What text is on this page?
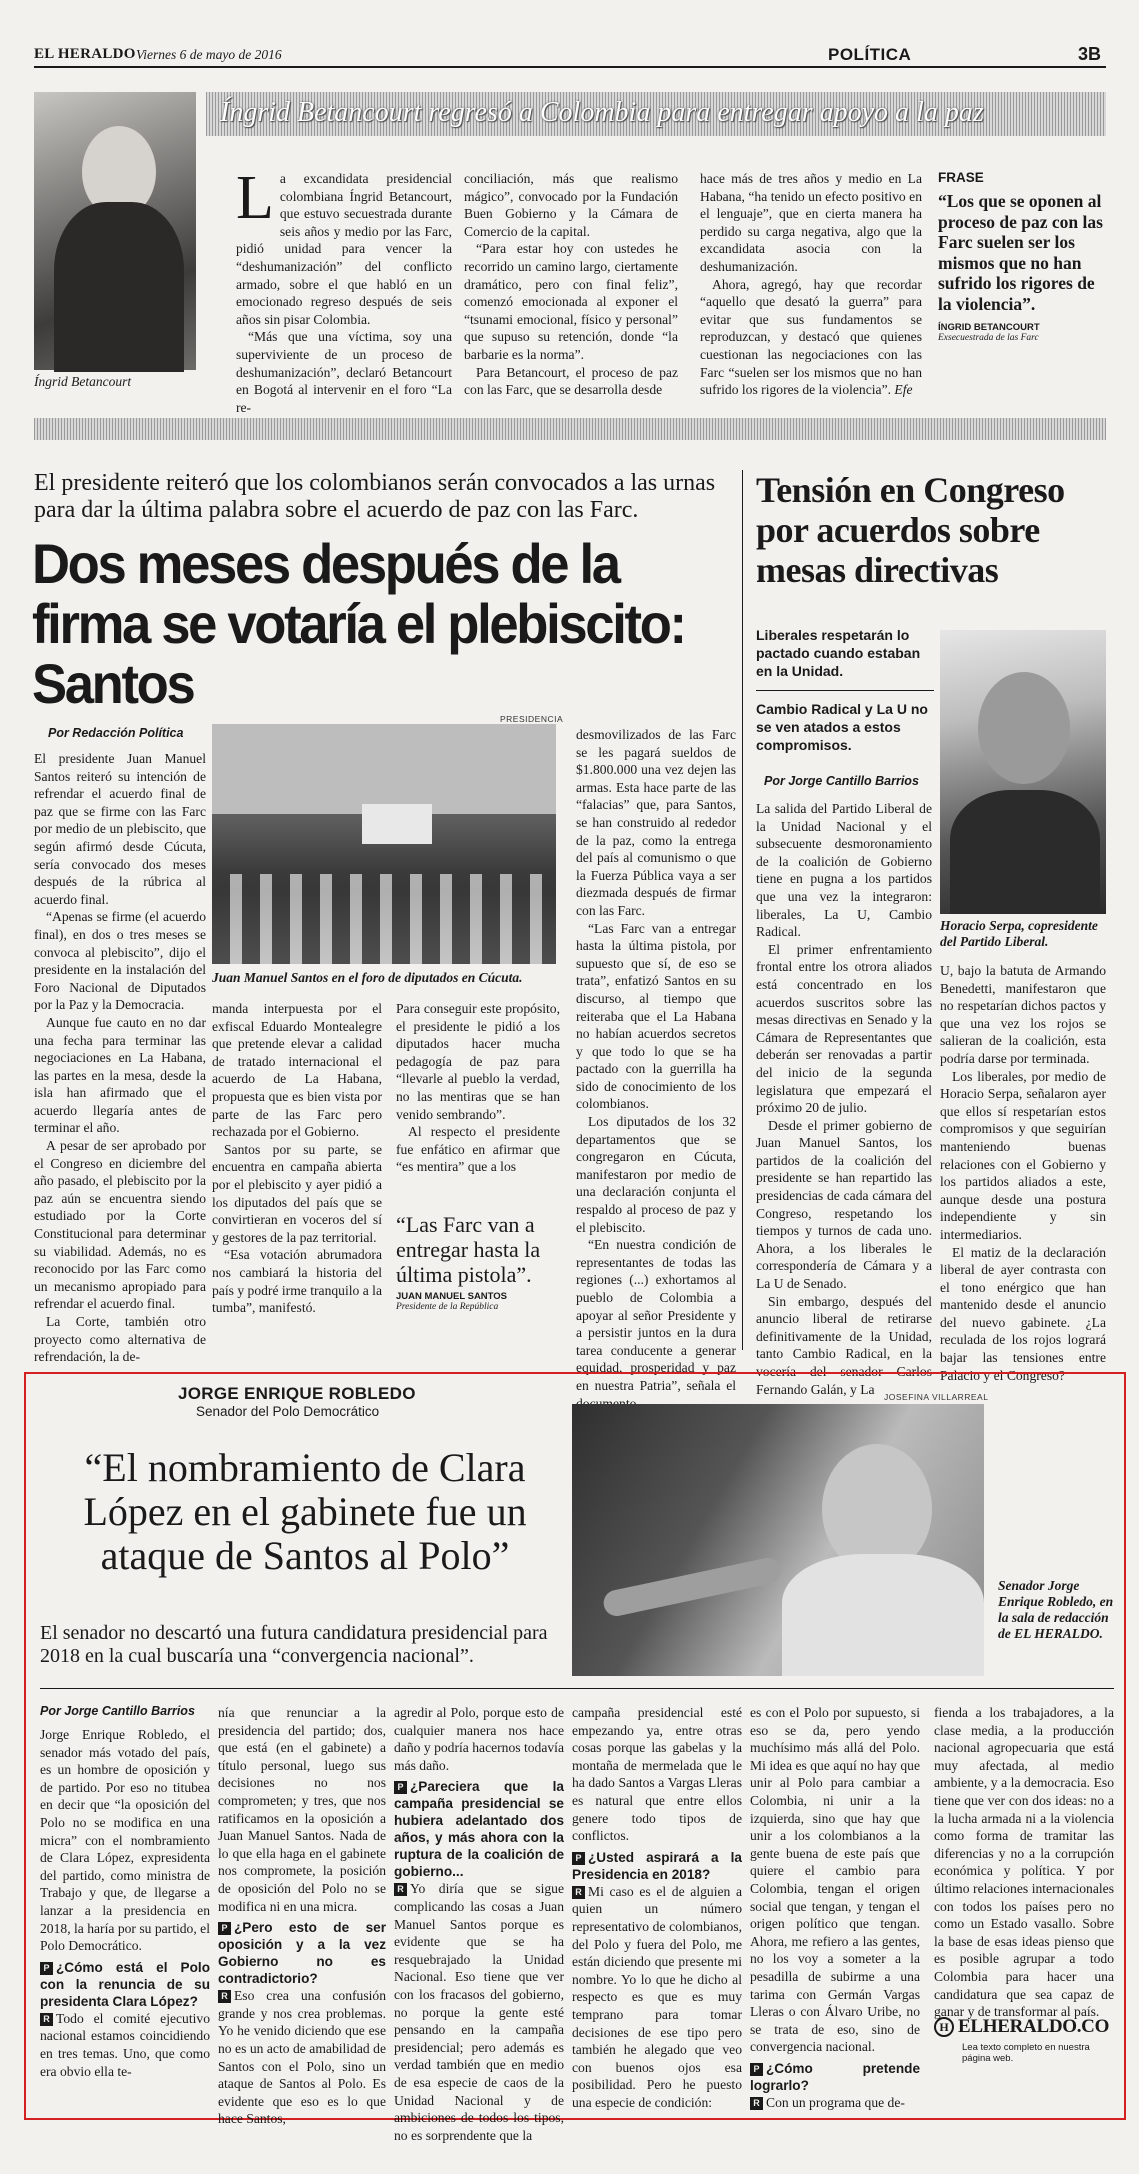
EL HERALDO Viernes 6 de mayo de 2016	POLÍTICA	3B
Íngrid Betancourt
Íngrid Betancourt regresó a Colombia para entregar apoyo a la paz
L a excandidata presidencial colombiana Íngrid Betancourt, que estuvo secuestrada durante seis años y medio por las Farc, pidió unidad para vencer la “deshumanización” del conflicto armado, sobre el que habló en un emocionado regreso después de seis años sin pisar Colombia.

“Más que una víctima, soy una superviviente de un proceso de deshumanización”, declaró Betancourt en Bogotá al intervenir en el foro “La re-

conciliación, más que realismo mágico”, convocado por la Fundación Buen Gobierno y la Cámara de Comercio de la capital.

“Para estar hoy con ustedes he recorrido un camino largo, ciertamente dramático, pero con final feliz”, comenzó emocionada al exponer el “tsunami emocional, físico y personal” que supuso su retención, donde “la barbarie es la norma”.

Para Betancourt, el proceso de paz con las Farc, que se desarrolla desde

hace más de tres años y medio en La Habana, “ha tenido un efecto positivo en el lenguaje”, que en cierta manera ha perdido su carga negativa, algo que la excandidata asocia con la deshumanización.

Ahora, agregó, hay que recordar “aquello que desató la guerra” para evitar que sus fundamentos se reproduzcan, y destacó que quienes cuestionan las negociaciones con las Farc “suelen ser los mismos que no han sufrido los rigores de la violencia”. Efe

FRASE
“Los que se oponen al proceso de paz con las Farc suelen ser los mismos que no han sufrido los rigores de la violencia”.
ÍNGRID BETANCOURT
Exsecuestrada de las Farc
El presidente reiteró que los colombianos serán convocados a las urnas para dar la última palabra sobre el acuerdo de paz con las Farc.
Dos meses después de la firma se votaría el plebiscito: Santos
Por Redacción Política

El presidente Juan Manuel Santos reiteró su intención de refrendar el acuerdo final de paz que se firme con las Farc por medio de un plebiscito, que según afirmó desde Cúcuta, sería convocado dos meses después de la rúbrica al acuerdo final.

“Apenas se firme (el acuerdo final), en dos o tres meses se convoca al plebiscito”, dijo el presidente en la instalación del Foro Nacional de Diputados por la Paz y la Democracia.

Aunque fue cauto en no dar una fecha para terminar las negociaciones en La Habana, las partes en la mesa, desde la isla han afirmado que el acuerdo llegaría antes de terminar el año.

A pesar de ser aprobado por el Congreso en diciembre del año pasado, el plebiscito por la paz aún se encuentra siendo estudiado por la Corte Constitucional para determinar su viabilidad. Además, no es reconocido por las Farc como un mecanismo apropiado para refrendar el acuerdo final.

La Corte, también otro proyecto como alternativa de refrendación, la de-

PRESIDENCIA
Juan Manuel Santos en el foro de diputados en Cúcuta.

manda interpuesta por el exfiscal Eduardo Montealegre que pretende elevar a calidad de tratado internacional el acuerdo de La Habana, propuesta que es bien vista por parte de las Farc pero rechazada por el Gobierno.

Santos por su parte, se encuentra en campaña abierta por el plebiscito y ayer pidió a los diputados del país que se convirtieran en voceros del sí y gestores de la paz territorial.

“Esa votación abrumadora nos cambiará la historia del país y podré irme tranquilo a la tumba”, manifestó.

Para conseguir este propósito, el presidente le pidió a los diputados hacer mucha pedagogía de paz para “llevarle al pueblo la verdad, no las mentiras que se han venido sembrando”.

Al respecto el presidente fue enfático en afirmar que “es mentira” que a los

“Las Farc van a entregar hasta la última pistola”.
JUAN MANUEL SANTOS
Presidente de la República

desmovilizados de las Farc se les pagará sueldos de $1.800.000 una vez dejen las armas. Esta hace parte de las “falacias” que, para Santos, se han construido al rededor de la paz, como la entrega del país al comunismo o que la Fuerza Pública vaya a ser diezmada después de firmar con las Farc.

“Las Farc van a entregar hasta la última pistola, por supuesto que sí, de eso se trata”, enfatizó Santos en su discurso, al tiempo que reiteraba que el La Habana no habían acuerdos secretos y que todo lo que se ha pactado con la guerrilla ha sido de conocimiento de los colombianos.

Los diputados de los 32 departamentos que se congregaron en Cúcuta, manifestaron por medio de una declaración conjunta el respaldo al proceso de paz y el plebiscito.

“En nuestra condición de representantes de todas las regiones (...) exhortamos al pueblo de Colombia a apoyar al señor Presidente y a persistir juntos en la dura tarea conducente a generar equidad, prosperidad y paz en nuestra Patria”, señala el

Tensión en Congreso por acuerdos sobre mesas directivas
Liberales respetarán lo pactado cuando estaban en la Unidad.
Cambio Radical y La U no se ven atados a estos compromisos.
Horacio Serpa, copresidente del Partido Liberal.
Por Jorge Cantillo Barrios

La salida del Partido Liberal de la Unidad Nacional y el subsecuente desmoronamiento de la coalición de Gobierno tiene en pugna a los partidos que una vez la integraron: liberales, La U, Cambio Radical.

El primer enfrentamiento frontal entre los otrora aliados está concentrado en los acuerdos suscritos sobre las mesas directivas en Senado y la Cámara de Representantes que deberán ser renovadas a partir del inicio de la segunda legislatura que empezará el próximo 20 de julio.

Desde el primer gobierno de Juan Manuel Santos, los partidos de la coalición del presidente se han repartido las presidencias de cada cámara del Congreso, respetando los tiempos y turnos de cada uno. Ahora, a los liberales le correspondería de Cámara y a La U de Senado.

Sin embargo, después del anuncio liberal de retirarse definitivamente de la Unidad, tanto Cambio Radical, en la vocería del senador Carlos Fernando Galán, y La

U, bajo la batuta de Armando Benedetti, manifestaron que no respetarían dichos pactos y que una vez los rojos se salieran de la coalición, esta podría darse por terminada.

Los liberales, por medio de Horacio Serpa, señalaron ayer que ellos sí respetarían estos compromisos y que seguirían manteniendo buenas relaciones con el Gobierno y los partidos aliados a este, aunque desde una postura independiente y sin intermediarios.

El matiz de la declaración liberal de ayer contrasta con el tono enérgico que han mantenido desde el anuncio del nuevo gabinete. ¿La reculada de los rojos logrará bajar las tensiones entre Palacio y el Congreso?

JORGE ENRIQUE ROBLEDO
Senador del Polo Democrático
“El nombramiento de Clara López en el gabinete fue un ataque de Santos al Polo”
JOSEFINA VILLARREAL
Senador Jorge Enrique Robledo, en la sala de redacción de EL HERALDO.
El senador no descartó una futura candidatura presidencial para 2018 en la cual buscaría una “convergencia nacional”.
Por Jorge Cantillo Barrios

Jorge Enrique Robledo, el senador más votado del país, es un hombre de oposición y de partido. Por eso no titubea en decir que “la oposición del Polo no se modifica en una micra” con el nombramiento de Clara López, expresidenta del partido, como ministra de Trabajo y que, de llegarse a lanzar a la presidencia en 2018, la haría por su partido, el Polo Democrático.

P ¿Cómo está el Polo con la renuncia de su presidenta Clara López?

R Todo el comité ejecutivo nacional estamos coincidiendo en tres temas. Uno, que como era obvio ella te-

nía que renunciar a la presidencia del partido; dos, que está (en el gabinete) a título personal, luego sus decisiones no nos comprometen; y tres, que nos ratificamos en la oposición a Juan Manuel Santos. Nada de lo que ella haga en el gabinete nos compromete, la posición de oposición del Polo no se modifica ni en una micra.

P ¿Pero esto de ser oposición y a la vez Gobierno no es contradictorio?

R Eso crea una confusión grande y nos crea problemas. Yo he venido diciendo que ese no es un acto de amabilidad de Santos con el Polo, sino un ataque de Santos al Polo. Es evidente que eso es lo que hace Santos,

agredir al Polo, porque esto de cualquier manera nos hace daño y podría hacernos todavía más daño.

P ¿Pareciera que la campaña presidencial se hubiera adelantado dos años, y más ahora con la ruptura de la coalición de gobierno...

R Yo diría que se sigue complicando las cosas a Juan Manuel Santos porque es evidente que se ha resquebrajado la Unidad Nacional. Eso tiene que ver con los fracasos del gobierno, no porque la gente esté pensando en la campaña presidencial; pero además es verdad también que en medio de esa especie de caos de la Unidad Nacional y de ambiciones de todos los tipos, no es sorprendente que la

campaña presidencial esté empezando ya, entre otras cosas porque las gabelas y la montaña de mermelada que le ha dado Santos a Vargas Lleras es natural que entre ellos genere todo tipos de conflictos.

P ¿Usted aspirará a la Presidencia en 2018?

R Mi caso es el de alguien a quien un número representativo de colombianos, del Polo y fuera del Polo, me están diciendo que presente mi nombre. Yo lo que he dicho al respecto es que es muy temprano para tomar decisiones de ese tipo pero también he alegado que veo con buenos ojos esa posibilidad. Pero he puesto una especie de condición:

es con el Polo por supuesto, si eso se da, pero yendo muchísimo más allá del Polo. Mi idea es que aquí no hay que unir al Polo para cambiar a Colombia, ni unir a la izquierda, sino que hay que unir a los colombianos a la gente buena de este país que quiere el cambio para Colombia, tengan el origen social que tengan, y tengan el origen político que tengan. Ahora, me refiero a las gentes, no los voy a someter a la pesadilla de subirme a una tarima con Germán Vargas Lleras o con Álvaro Uribe, no se trata de eso, sino de convergencia nacional.

P ¿Cómo pretende lograrlo?

R Con un programa que de-

fienda a los trabajadores, a la clase media, a la producción nacional agropecuaria que está muy afectada, al medio ambiente, y a la democracia. Eso tiene que ver con dos ideas: no a la lucha armada ni a la violencia como forma de tramitar las diferencias y no a la corrupción económica y política. Y por último relaciones internacionales con todos los países pero no como un Estado vasallo. Sobre la base de esas ideas pienso que es posible agrupar a todo Colombia para hacer una candidatura que sea capaz de ganar y de transformar al país.

H ELHERALDO.CO
Lea texto completo en nuestra página web.
